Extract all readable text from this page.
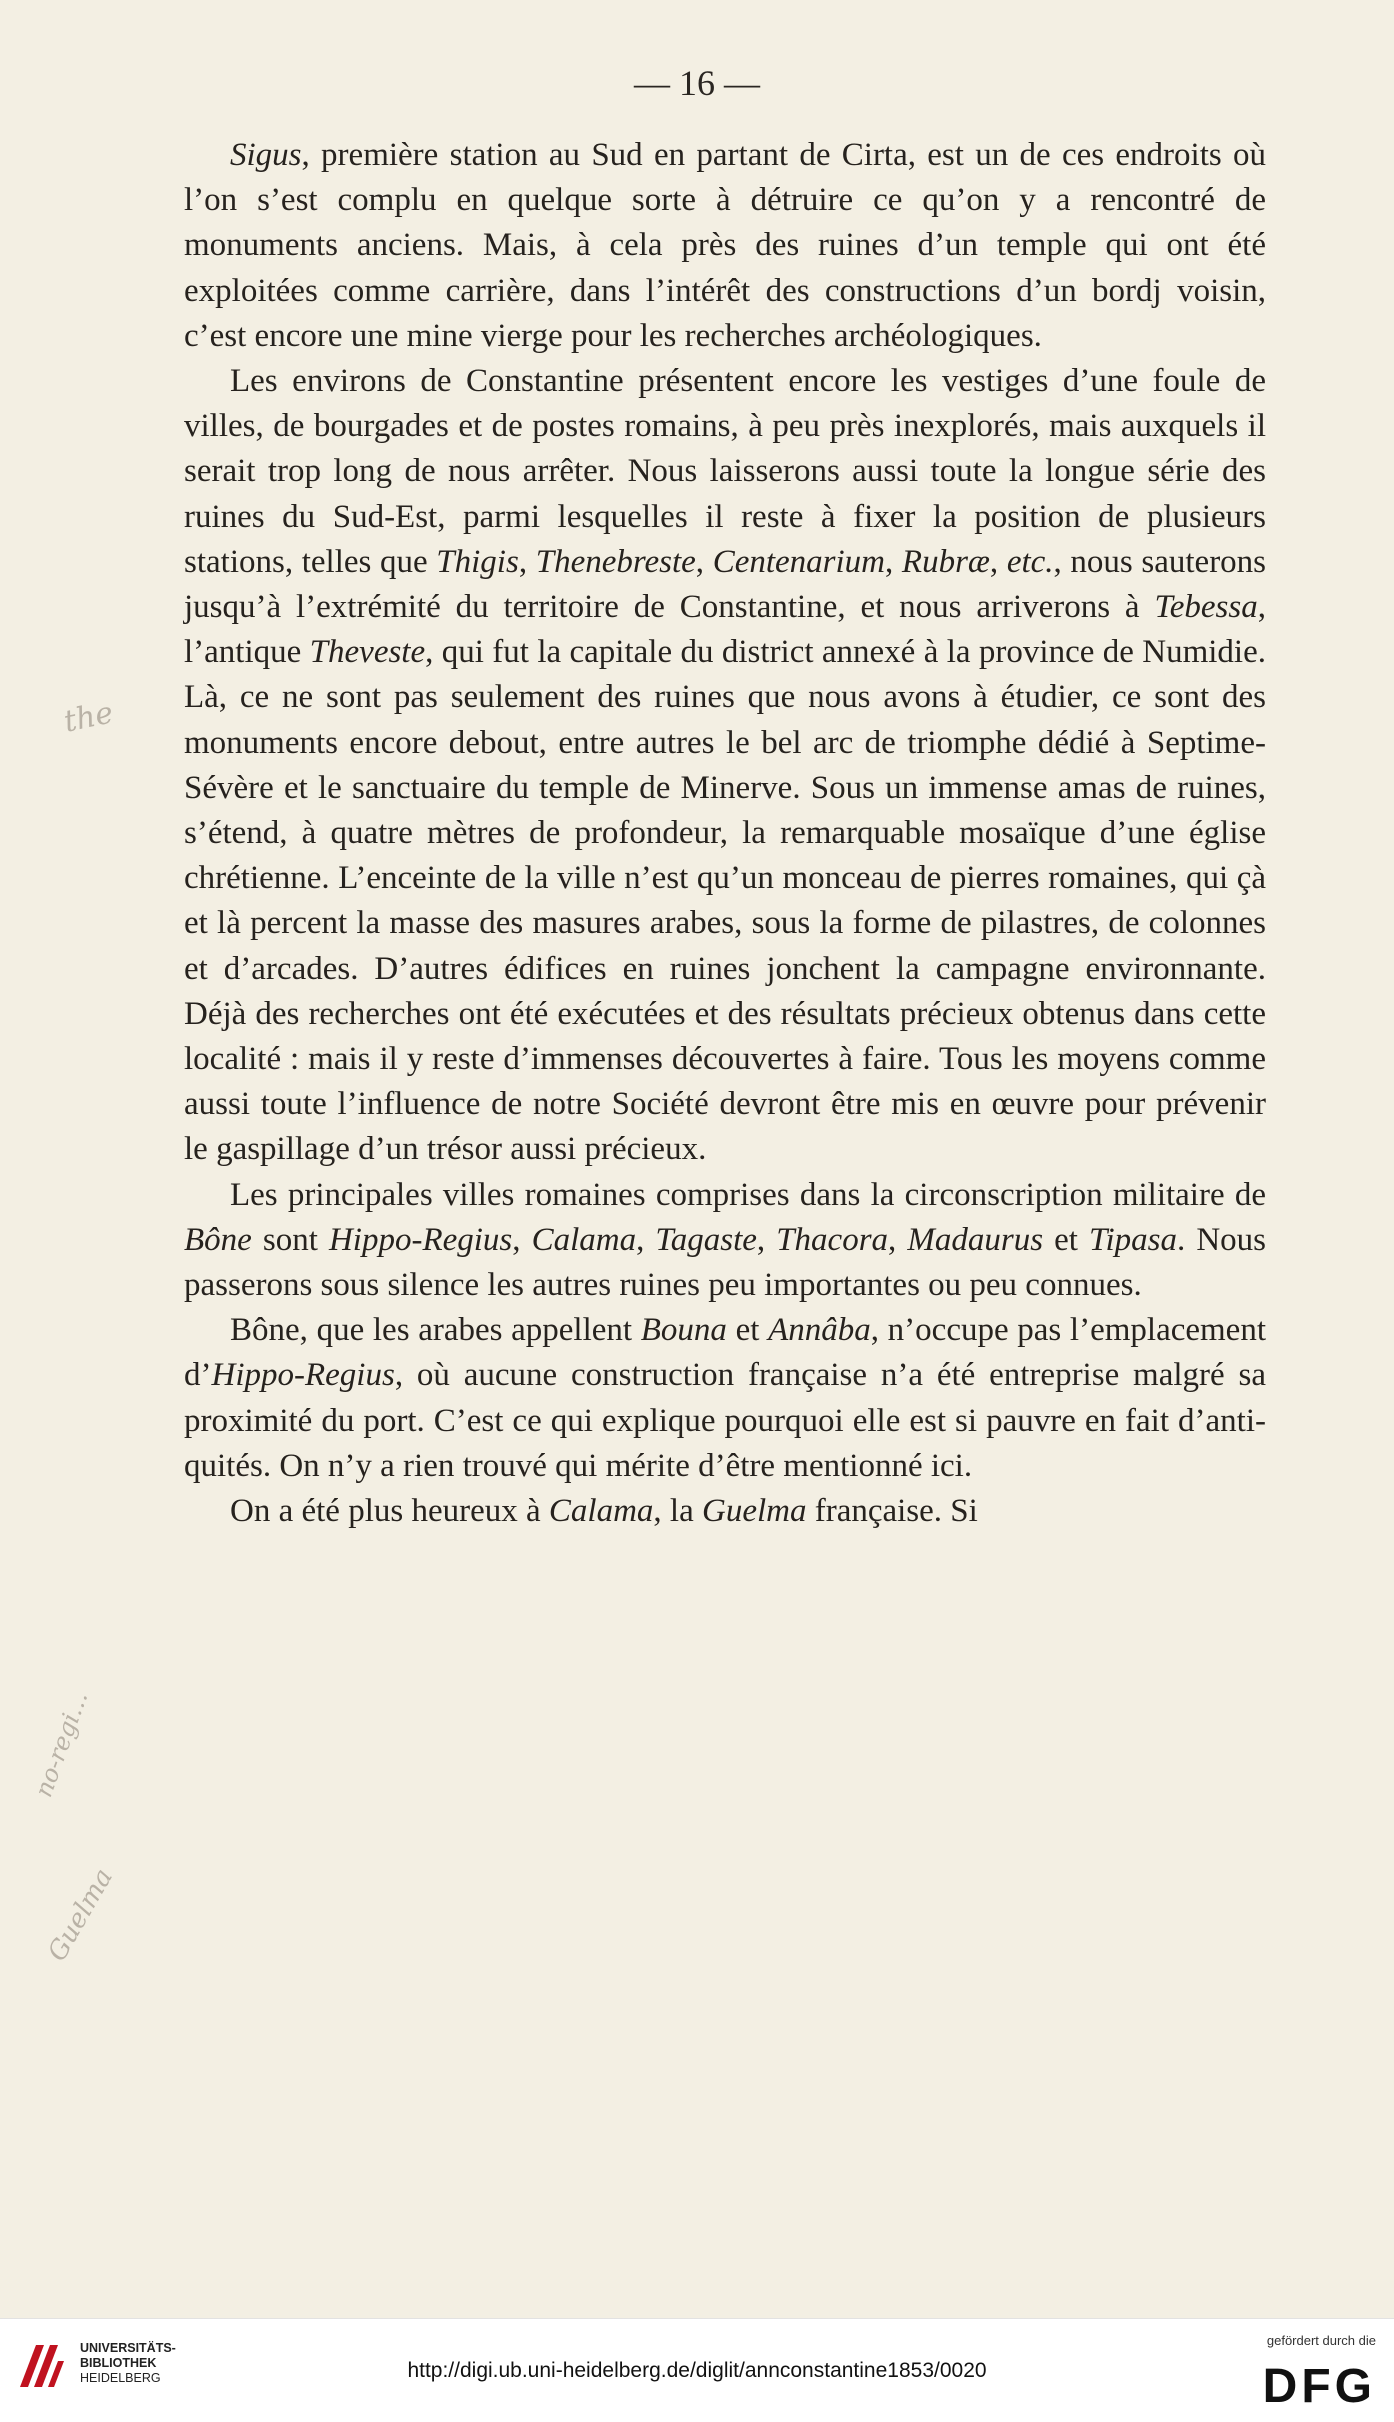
— 16 —
the
no-regi…
Guelma

Sigus, première station au Sud en partant de Cirta, est un de ces endroits où l’on s’est complu en quelque sorte à détruire ce qu’on y a rencontré de monuments anciens. Mais, à cela près des ruines d’un temple qui ont été exploitées comme carrière, dans l’intérêt des constructions d’un bordj voisin, c’est encore une mine vierge pour les recherches archéologiques.

Les environs de Constantine présentent encore les vestiges d’une foule de villes, de bourgades et de postes romains, à peu près inexplorés, mais auxquels il serait trop long de nous arrêter. Nous laisserons aussi toute la longue série des ruines du Sud-Est, parmi lesquelles il reste à fixer la position de plusieurs stations, telles que Thigis, Thenebreste, Centenarium, Rubræ, etc., nous sauterons jusqu’à l’extrémité du territoire de Constantine, et nous arriverons à Tebessa, l’antique Theveste, qui fut la capitale du district annexé à la province de Numidie. Là, ce ne sont pas seulement des ruines que nous avons à étudier, ce sont des monuments encore debout, entre autres le bel arc de triomphe dédié à Septime-Sévère et le sanctuaire du temple de Minerve. Sous un immense amas de ruines, s’étend, à quatre mètres de profondeur, la remarquable mosaïque d’une église chrétienne. L’enceinte de la ville n’est qu’un monceau de pierres romaines, qui çà et là percent la masse des masures arabes, sous la forme de pilastres, de colonnes et d’arcades. D’autres édifices en ruines jonchent la campagne environnante. Déjà des recherches ont été exécutées et des résultats précieux obtenus dans cette localité : mais il y reste d’immenses découvertes à faire. Tous les moyens comme aussi toute l’influence de notre Société devront être mis en œuvre pour prévenir le gaspillage d’un trésor aussi précieux.

Les principales villes romaines comprises dans la circonscription militaire de Bône sont Hippo-Regius, Calama, Tagaste, Thacora, Madaurus et Tipasa. Nous passerons sous silence les autres ruines peu importantes ou peu connues.

Bône, que les arabes appellent Bouna et Annâba, n’occupe pas l’emplacement d’Hippo-Regius, où aucune construction française n’a été entreprise malgré sa proximité du port. C’est ce qui explique pourquoi elle est si pauvre en fait d’antiquités. On n’y a rien trouvé qui mérite d’être mentionné ici.

On a été plus heureux à Calama, la Guelma française. Si

UNIVERSITÄTS-
BIBLIOTHEK
HEIDELBERG	http://digi.ub.uni-heidelberg.de/diglit/annconstantine1853/0020
gefördert durch die
DFG
